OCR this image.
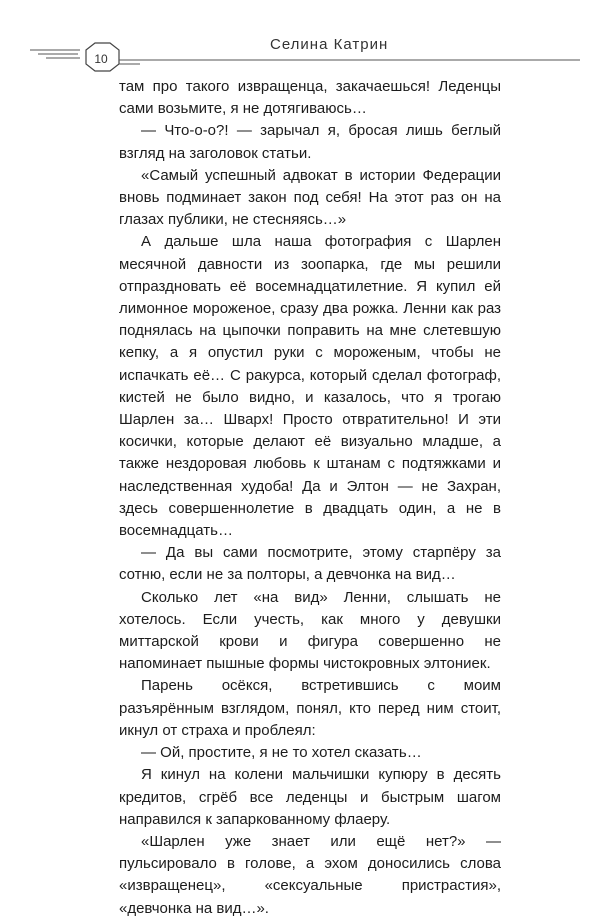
10
Селина Катрин

там про такого извращенца, закачаешься! Леденцы сами возьмите, я не дотягиваюсь…

— Что-о-о?! — зарычал я, бросая лишь беглый взгляд на заголовок статьи.

«Самый успешный адвокат в истории Федерации вновь подминает закон под себя! На этот раз он на глазах публики, не стесняясь…»

А дальше шла наша фотография с Шарлен месячной давности из зоопарка, где мы решили отпраздновать её восемнадцатилетние. Я купил ей лимонное мороженое, сразу два рожка. Ленни как раз поднялась на цыпочки поправить на мне слетевшую кепку, а я опустил руки с мороженым, чтобы не испачкать её… С ракурса, который сделал фотограф, кистей не было видно, и казалось, что я трогаю Шарлен за… Шварх! Просто отвратительно! И эти косички, которые делают её визуально младше, а также нездоровая любовь к штанам с подтяжками и наследственная худоба! Да и Элтон — не Захран, здесь совершеннолетие в двадцать один, а не в восемнадцать…

— Да вы сами посмотрите, этому старпёру за сотню, если не за полторы, а девчонка на вид…

Сколько лет «на вид» Ленни, слышать не хотелось. Если учесть, как много у девушки миттарской крови и фигура совершенно не напоминает пышные формы чистокровных элтониек.

Парень осёкся, встретившись с моим разъярённым взглядом, понял, кто перед ним стоит, икнул от страха и проблеял:

— Ой, простите, я не то хотел сказать…

Я кинул на колени мальчишки купюру в десять кредитов, сгрёб все леденцы и быстрым шагом направился к запаркованному флаеру.

«Шарлен уже знает или ещё нет?» — пульсировало в голове, а эхом доносились слова «извращенец», «сексуальные пристрастия», «девчонка на вид…».
